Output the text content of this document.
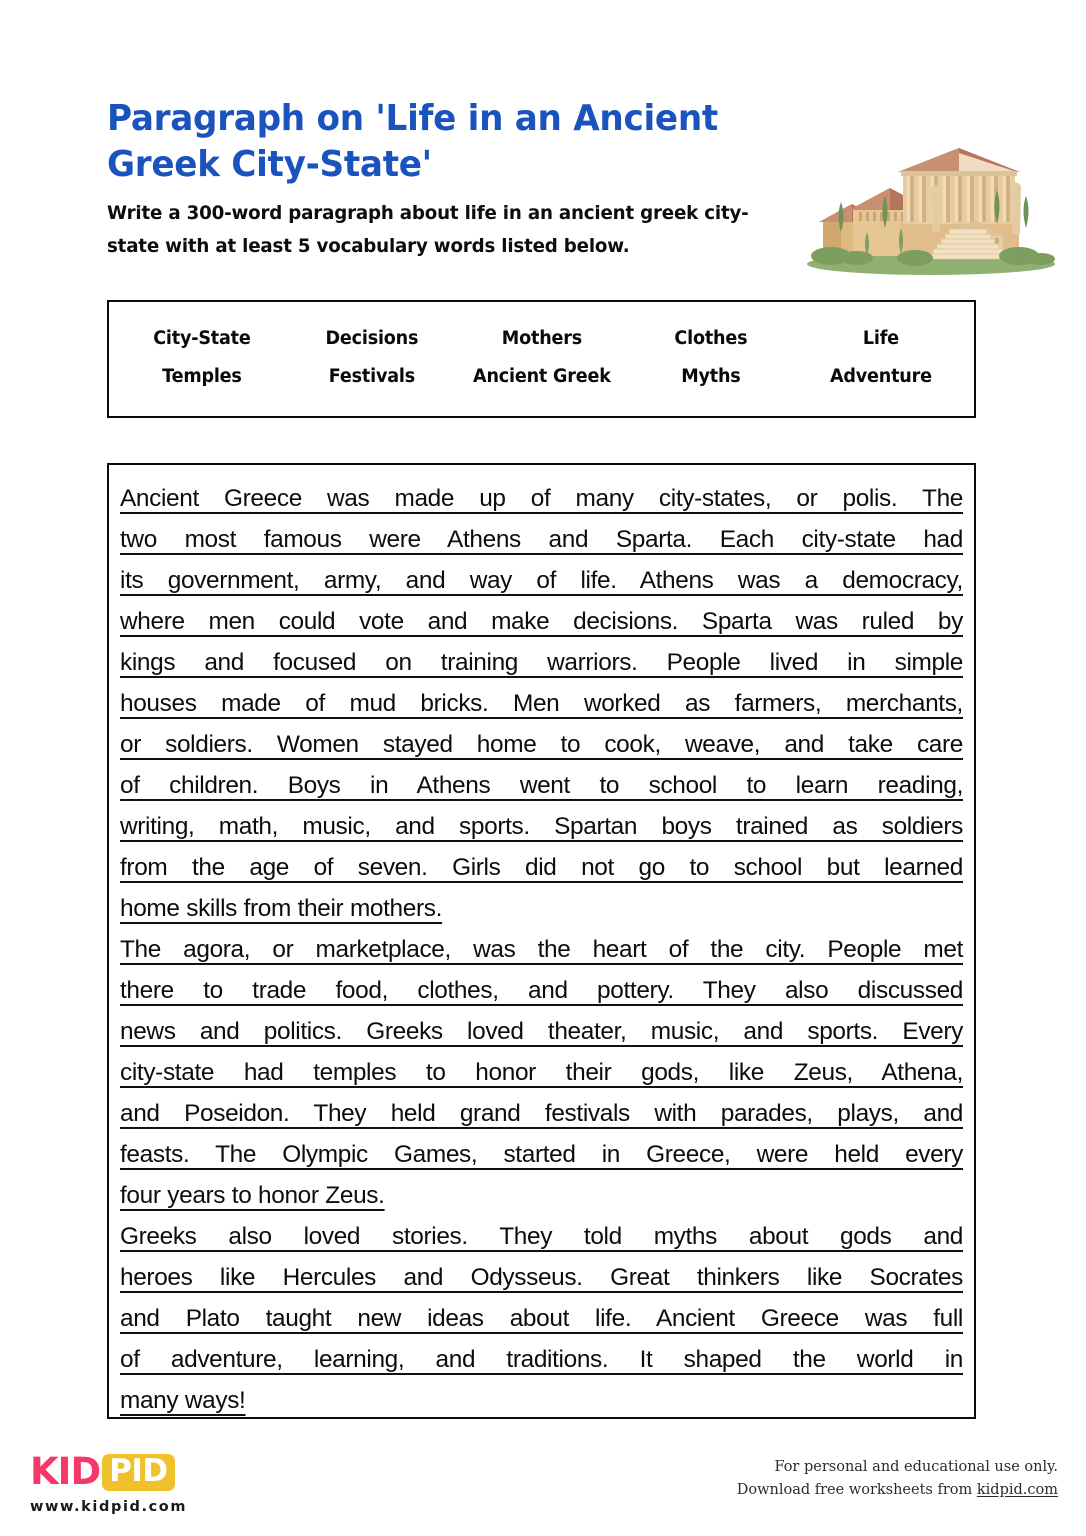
Paragraph on 'Life in an Ancient Greek City-State'
Write a 300-word paragraph about life in an ancient greek city-state with at least 5 vocabulary words listed below.
City-State	Decisions	Mothers	Clothes	Life
Temples	Festivals	Ancient Greek	Myths	Adventure
Ancient Greece was made up of many city-states, or polis. The
two most famous were Athens and Sparta. Each city-state had
its government, army, and way of life. Athens was a democracy,
where men could vote and make decisions. Sparta was ruled by
kings and focused on training warriors. People lived in simple
houses made of mud bricks. Men worked as farmers, merchants,
or soldiers. Women stayed home to cook, weave, and take care
of children. Boys in Athens went to school to learn reading,
writing, math, music, and sports. Spartan boys trained as soldiers
from the age of seven. Girls did not go to school but learned
home skills from their mothers.
The agora, or marketplace, was the heart of the city. People met
there to trade food, clothes, and pottery. They also discussed
news and politics. Greeks loved theater, music, and sports. Every
city-state had temples to honor their gods, like Zeus, Athena,
and Poseidon. They held grand festivals with parades, plays, and
feasts. The Olympic Games, started in Greece, were held every
four years to honor Zeus.
Greeks also loved stories. They told myths about gods and
heroes like Hercules and Odysseus. Great thinkers like Socrates
and Plato taught new ideas about life. Ancient Greece was full
of adventure, learning, and traditions. It shaped the world in
many ways!
KID PID
www.kidpid.com
For personal and educational use only.
Download free worksheets from kidpid.com
